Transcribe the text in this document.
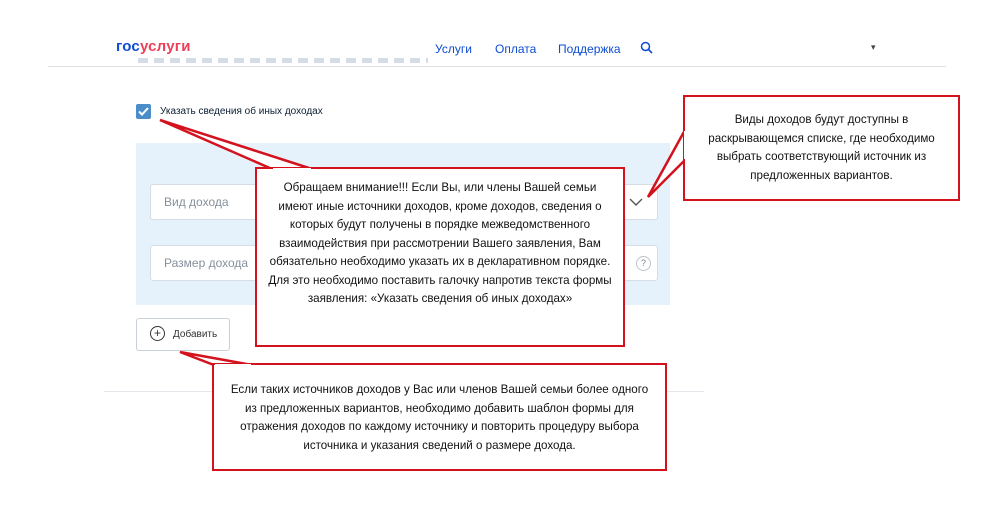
госуслуги	Услуги Оплата Поддержка	▾
Указать сведения об иных доходах
Вид дохода
Размер дохода	?
+	Добавить
Обращаем внимание!!! Если Вы, или члены Вашей семьи имеют иные источники доходов, кроме доходов, сведения о которых будут получены в порядке межведомственного взаимодействия при рассмотрении Вашего заявления, Вам обязательно необходимо указать их в декларативном порядке. Для это необходимо поставить галочку напротив текста формы заявления: «Указать сведения об иных доходах»
Виды доходов будут доступны в раскрывающемся списке, где необходимо выбрать соответствующий источник из предложенных вариантов.
Если таких источников доходов у Вас или членов Вашей семьи более одного из предложенных вариантов, необходимо добавить шаблон формы для отражения доходов по каждому источнику и повторить процедуру выбора источника и указания сведений о размере дохода.
